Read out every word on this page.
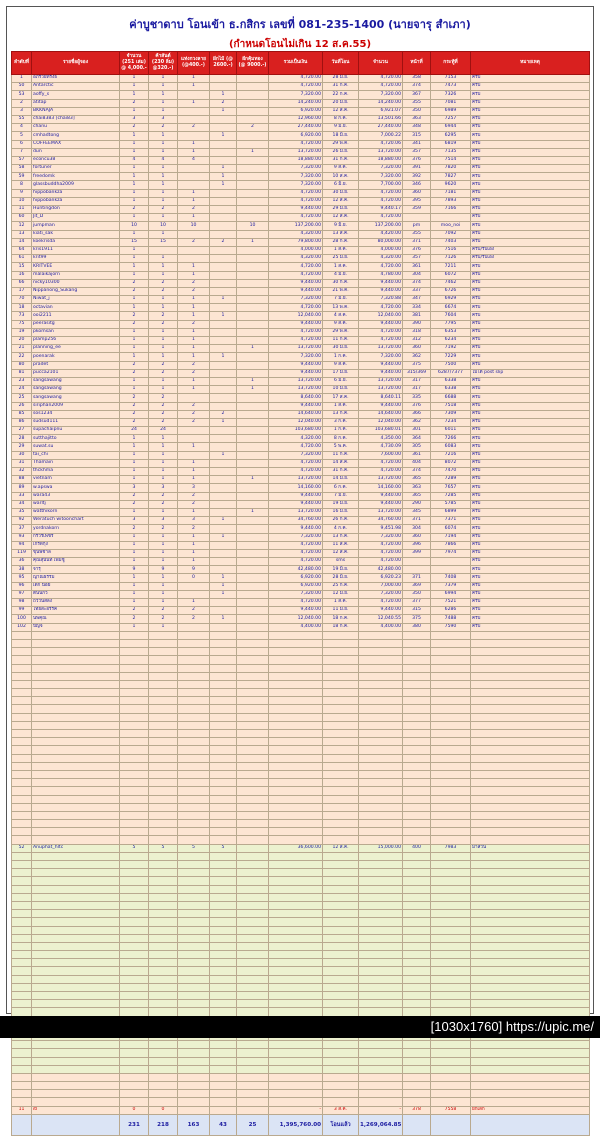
ค่าบูชาดาบ โอนเข้า ธ.กสิกร เลขที่ 081-235-1400 (นายจารุ สำเภา)
(กำหนดโอนไม่เกิน 12 ส.ค.55)
ลำดับที่	รายชื่อผู้จอง	จำนวน (251 เล่ม) @ 4,000.-	ค้าสันต์ (230 ลิ่ม) @320.-)	แท่งกวงลาย (@400.-)	ฝักไม้ (@ 2600.-)	ฝักคุ้มทอง (@ 9000.-)	รวมเป็นเงิน	วันที่โอน	จำนวน	หน้าที่	กระทู้ที่	หมายเหตุ
1	อภิรวยทรงธ	1	1	1			4,720.00	28 มิ.ย.	4,720.00	358	7153	ครบ
50	Antarctic	1	1	1			4,720.00	31 ก.ค.	4,720.00	374	7473	ครบ
53	aoffy_s	1	1		1		7,320.00	22 ก.ค.	7,320.00	367	7326	ครบ
2	atitap	2	1	1	2		14,240.00	20 มิ.ย.	14,240.00	355	7081	ครบ
3	BKKNAJA	1	1		1		6,920.00	12 ส.ค.	6,921.07	350	6989	ครบ
55	chai8383 [chai83]	3	3				12,960.00	8 ก.ค.	13,501.66	363	7257	ครบ
4	chanu	2	2	2		2	27,440.00	9 มิ.ย.	27,440.00	348	6944	ครบ
5	cmhadtong	1	1		1		6,920.00	18 มิ.ย.	7,000.22	315	6295	ครบ
6	COFFEEMAX	1	1	1			4,720.00	29 พ.ค.	4,720.06	341	6819	ครบ
7	dun	1	1	1		1	13,720.00	26 มิ.ย.	13,720.00	357	7135	ครบ
57	econcu38	4	4	4			18,880.00	31 ก.ค.	18,880.00	376	7514	ครบ
58	fortuner	1	1		1		7,320.00	9 ส.ค.	7,320.00	391	7820	ครบ
59	freedomk	1	1		1		7,320.00	10 ส.ค.	7,320.00	392	7827	ครบ
8	glassbuddha2009	1	1		1		7,320.00	6 มิ.ย.	7,700.00	346	9620	ครบ
9	hippobankza	1	1	1			4,720.00	30 มิ.ย.	4,720.00	360	7181	ครบ
10	hippobankza	1	1	1			4,720.00	12 ส.ค.	4,720.00	395	7893	ครบ
11	Huntingdon	2	2	2			9,440.00	29 มิ.ย.	9,440.17	359	7166	ครบ
60	Jit_D	1	1	1			4,720.00	12 ส.ค.	4,720.00			ครบ
12	jumpman	10	10	10		10	137,200.00	9 มิ.ย.	137,200.00	pm	moo_noi	ครบ
13	kiati_sak	1	1				4,320.00	13 ส.ค.	4,420.00	355	7092	ครบ
14	koekrisda	15	15	2	2	1	79,800.00	28 ก.ค.	80,000.00	371	7403	ครบ
64	kris1911	1					4,000.00	1 ส.ค.	4,000.00	376	7516	ครบ/รับเอง
61	krit99	1	1				4,320.00	25 มิ.ย.	4,320.00	357	7126	ครบ/รับเอง
15	KRITVEE	1	1	1			4,720.00	1 ส.ค.	4,720.00	361	7211	ครบ
16	malaikajorn	1	1	1			4,720.00	4 มิ.ย.	4,780.00	304	6072	ครบ
66	nicky10300	2	2	2			9,440.00	30 ก.ค.	9,440.00	374	7462	ครบ
17	Nippanong_Sukang	2	2	2			9,440.00	21 พ.ค.	9,440.00	337	6726	ครบ
70	Niwat_j	1	1	1	1		7,320.00	7 มิ.ย.	7,320.88	347	6929	ครบ
18	octavian	1	1	1			4,720.00	13 พ.ค.	4,720.00	334	6674	ครบ
73	ooi2211	2	2	1	1		12,040.00	4 ส.ค.	12,040.00	381	7604	ครบ
75	peerasitg	2	2	2			9,440.00	9 ส.ค.	9,440.00	390	7795	ครบ
19	pkomsan	1	1	1			4,720.00	29 พ.ค.	4,720.00	318	6353	ครบ
20	plamp256	1	1	1			4,720.00	11 ก.ค.	4,720.00	312	6234	ครบ
21	planning_ee	1	1	1		1	13,720.00	30 มิ.ย.	13,720.00	360	7192	ครบ
22	poenarak	1	1	1	1		7,320.00	1 ก.ค.	7,320.00	362	7229	ครบ
80	pradet	2	2	2			9,440.00	9 ส.ค.	9,440.00	375	7500	ครบ
81	pucca2101	2	2	2			9,440.00	17 มิ.ย.	9,440.00	315/369	6287/7377	ไม่ได้ post slip
23	sangsawang	1	1	1		1	13,720.00	6 มิ.ย.	13,720.00	317	6338	ครบ
24	sangsawang	1	1	1		1	13,720.00	10 มิ.ย.	13,720.00	317	6338	ครบ
25	sangsawang	2	2				8,640.00	17 ส.ค.	8,640.11	335	6688	ครบ
26	siriphan2009	2	2	2			9,440.00	1 ส.ค.	9,440.00	376	7518	ครบ
85	sos1234	2	2	2	2		14,640.00	13 ก.ค.	14,640.00	366	7309	ครบ
86	sudsud111	2	2	2	1		12,040.00	3 ก.ค.	12,040.00	362	7234	ครบ
27	supachaipnu	24	24				103,680.00	1 ก.ค.	103,680.01	301	6011	ครบ
28	sutthajitto	1	1				4,320.00	8 ก.ค.	4,350.00	364	7266	ครบ
29	suwat.su	1	1	1			4,720.00	5 พ.ค.	4,730.09	305	6083	ครบ
30	tai_chi	1	1		1		7,320.00	11 ก.ค.	7,600.00	361	7216	ครบ
31	Thamain	1	1	1			4,720.00	14 ส.ค.	4,720.00	404	8072	ครบ
32	thckhma	1	1	1			4,720.00	31 ก.ค.	4,720.00	374	7470	ครบ
88	vietnam	1	1	1		1	13,720.00	14 มิ.ย.	13,720.00	365	7289	ครบ
89	w.apswa	3	3	3			14,160.00	6 ก.ค.	14,160.00	363	7657	ครบ
33	wara43	2	2	2			9,440.00	7 มิ.ย.	9,440.00	365	7285	ครบ
34	warltj	2	2	2			9,440.00	19 มิ.ย.	9,440.00	290	5785	ครบ
35	watthikorn	1	1	1		1	13,720.00	16 มิ.ย.	13,720.00	345	6899	ครบ
92	Weratuch witoonchart	3	3	3	1		34,760.00	26 ก.ค.	34,760.00	371	7371	ครบ
37	yordnakorn	2	2	2			9,440.00	4 ก.ค.	9,451.98	304	6074	ครบ
93	กรวีร์เพชร	1	1	1	1		7,320.00	13 ก.ค.	7,320.00	360	7194	ครบ
94	เกร็ดกุ้ง	1	1	1			4,720.00	11 ส.ค.	4,720.00	396	7866	ครบ
119	ขุนพิชาล	1	1	1			4,720.00	12 ส.ค.	4,720.00	399	7974	ครบ
36	คุณสุนันท์ เพิ่มชู	1	1	1			4,720.00	sms	4,720.00			ครบ
38	จารุ	9	9	9			42,480.00	19 มิ.ย.	42,480.00			ครบ
95	ญาณธรรม	1	1	0	1		6,920.00	28 มิ.ย.	6,920.23	371	7408	ครบ
96	เด็ก น้อย	1	1		1		6,920.00	25 ก.ค.	7,000.00	369	7379	ครบ
97	ต้นนกว้	1	1		1		7,320.00	12 มิ.ย.	7,320.00	350	6994	ครบ
98	ถวัวินสิลง	1	1	1			4,720.00	1 ส.ค.	4,720.00	377	7521	ครบ
99	ไทยสะอรรค	2	2	2			9,440.00	11 มิ.ย.	9,440.00	315	6286	ครบ
100	นพคุณ	2	2	2	1		12,040.00	18 ก.ค.	12,040.55	375	7488	ครบ
102	ปัญจ	1	1				4,400.00	18 ก.ค.	4,400.00	380	7590	ครบ

52	Anuphat_hltc	5	5	5	5		36,600.00	12 ส.ค.	15,000.00	400	7983	มาส่วน

11	itl	0	0				-	3 ส.ค.	-	378	7558	ยกเลิก
		231	218	163	43	25	1,395,760.00	โอนแล้ว	1,269,064.85			
[1030x1760] https://upic.me/
